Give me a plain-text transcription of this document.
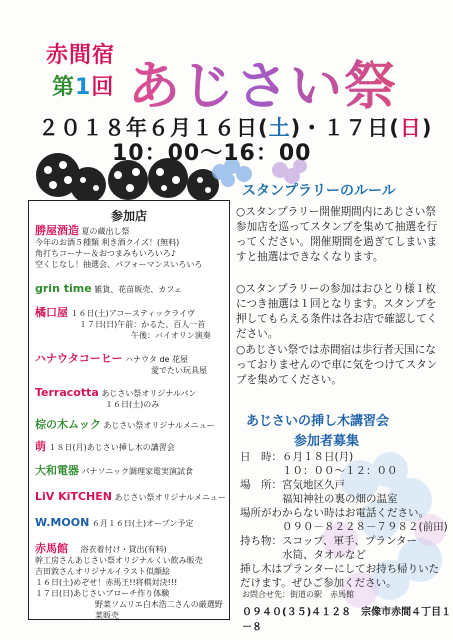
赤間宿
第1回 あじさい祭
２０１８年６月１６日(土)・１７日(日)
10：00～16：00
スタンプラリーのルール
○スタンプラリー開催期間内にあじさい祭参加店を巡ってスタンプを集めて抽選を行ってください。開催期間を過ぎてしまいますと抽選はできなくなります。
○スタンプラリーの参加はおひとり様１枚につき抽選は１回となります。スタンプを押してもらえる条件は各お店で確認してください。
○あじさい祭では赤間宿は歩行者天国になっておりませんので車に気をつけてスタンプを集めてください。
参加店
勝屋酒造 夏の蔵出し祭
今年のお酒５種類 利き酒クイズ！(無料)
角打ちコーナー＆おつまみもいろいろ♪
空くじなし！抽選会、パフォーマンスいろいろ
grin time 雑貨、花苗販売、カフェ
橘口屋 １６日(土)アコースティックライヴ
１７日(日)午前：かるた、百人一首
午後：バイオリン演奏
ハナウタコーヒー ハナウタ de 花屋
愛でたい玩具屋
Terracotta あじさい祭オリジナルパン
１６日(土)のみ
棕の木ムック あじさい祭オリジナルメニュー
萌 １８日(月)あじさい挿し木の講習会
大和電器 パナソニック調理家電実演試食
LiV KiTCHEN あじさい祭オリジナルメニュー
W.MOON ６月１６日(土)オープン予定
赤馬館 浴衣着付け・貸出(有料)
幹工房さんあじさい祭オリジナルくい飲み販売
吉田敦さんオリジナルイラスト似顔絵
１６日(土)めぞせ！赤馬王!!将棋対決!!!
１７日(日)あじさいブローチ作り体験
野菜ソムリエ白木浩二さんの厳選野菜販売
あじさいの挿し木講習会
参加者募集
日　時：６月１８日(月)
　　　　１０：００～１２：００
場　所：宮気地区久戸
　　　　福知神社の裏の畑の温室
場所がわからない時はお電話ください。
　　　　０９０－８２２８－７９８２(前田)
持ち物：スコップ、軍手、プランター
　　　　水筒、タオルなど
挿し木はプランターにしてお持ち帰りいただけます。ぜひご参加ください。
お問合せ先：街道の駅　赤馬館
０９４０(３５)４１２８　宗像市赤間４丁目１－８
